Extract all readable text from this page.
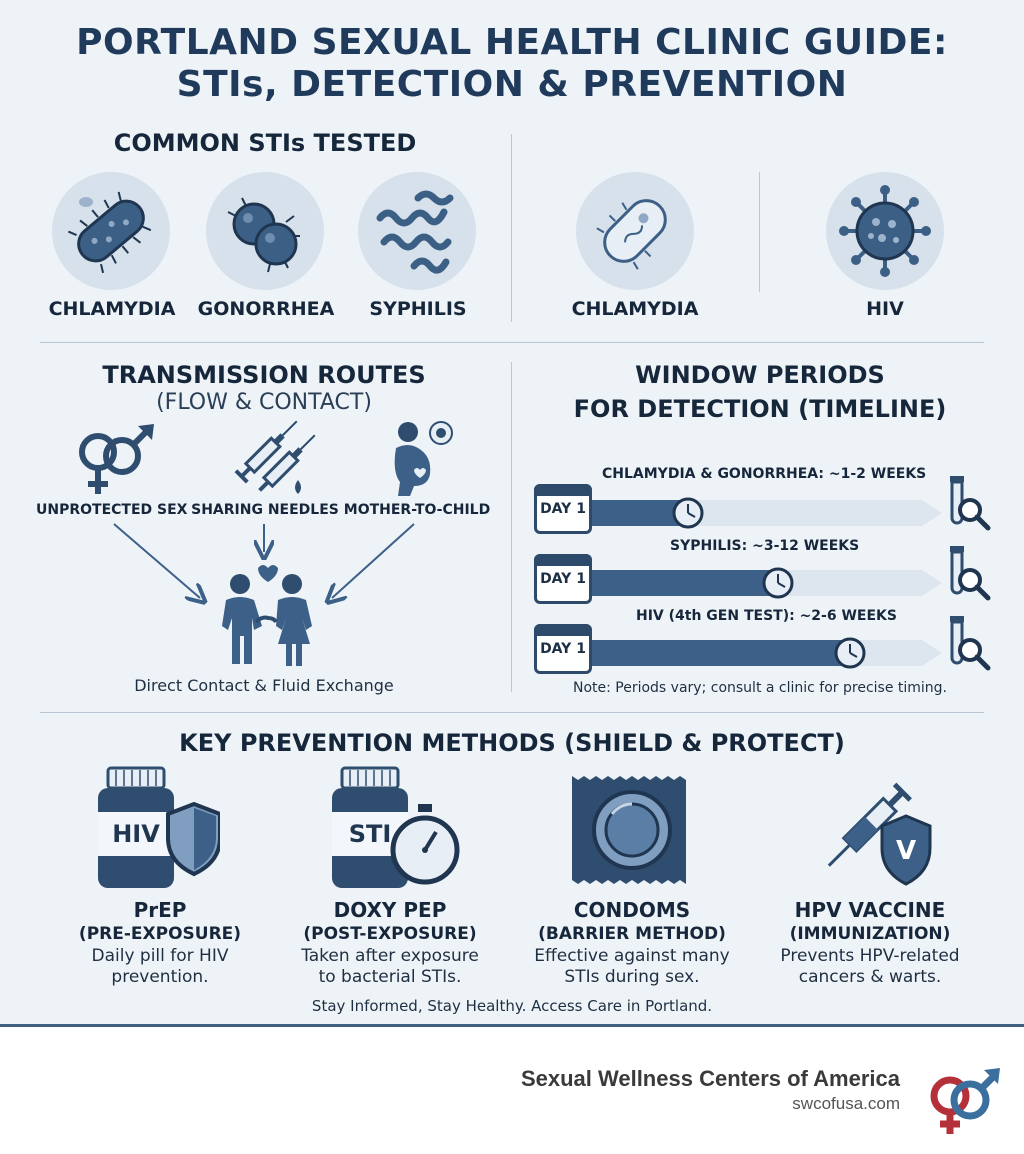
PORTLAND SEXUAL HEALTH CLINIC GUIDE:
STIs, DETECTION & PREVENTION
COMMON STIs TESTED
CHLAMYDIA	GONORRHEA	SYPHILIS	CHLAMYDIA	HIV
TRANSMISSION ROUTES
(FLOW & CONTACT)
UNPROTECTED SEX SHARING NEEDLES MOTHER-TO-CHILD
Direct Contact & Fluid Exchange
WINDOW PERIODS
FOR DETECTION (TIMELINE)
CHLAMYDIA & GONORRHEA: ~1-2 WEEKS
DAY 1
SYPHILIS: ~3-12 WEEKS
DAY 1
HIV (4th GEN TEST): ~2-6 WEEKS
DAY 1
Note: Periods vary; consult a clinic for precise timing.
KEY PREVENTION METHODS (SHIELD & PROTECT)
HIV
PrEP
(PRE-EXPOSURE)
Daily pill for HIV
prevention.
STI
DOXY PEP
(POST-EXPOSURE)
Taken after exposure
to bacterial STIs.
CONDOMS
(BARRIER METHOD)
Effective against many
STIs during sex.
V
HPV VACCINE
(IMMUNIZATION)
Prevents HPV-related
cancers & warts.
Stay Informed, Stay Healthy. Access Care in Portland.
Sexual Wellness Centers of America
swcofusa.com
